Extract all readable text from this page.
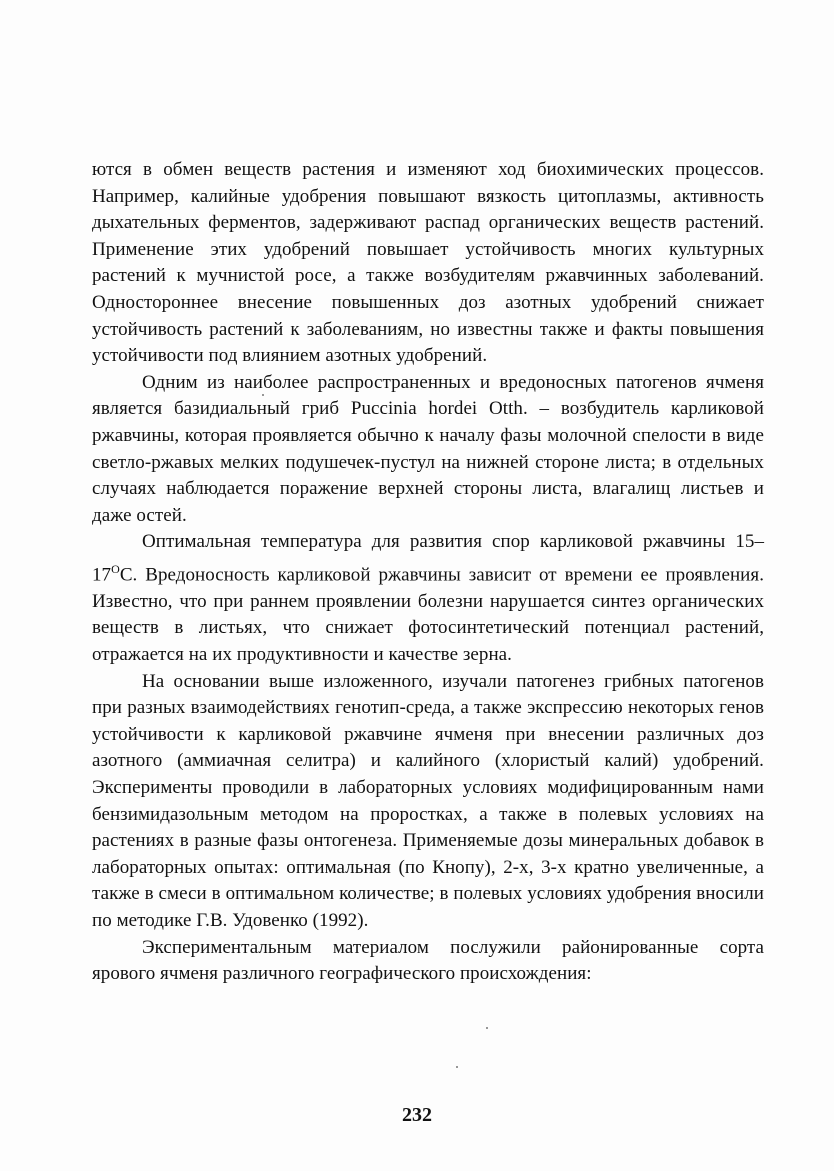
ются в обмен веществ растения и изменяют ход биохимических процессов. Например, калийные удобрения повышают вязкость цитоплазмы, активность дыхательных ферментов, задерживают распад органических веществ растений. Применение этих удобрений повышает устойчивость многих культурных растений к мучнистой росе, а также возбудителям ржавчинных заболеваний. Одностороннее внесение повышенных доз азотных удобрений снижает устойчивость растений к заболеваниям, но известны также и факты повышения устойчивости под влиянием азотных удобрений.

Одним из наиболее распространенных и вредоносных патогенов ячменя является базидиальный гриб Puccinia hordei Otth. – возбудитель карликовой ржавчины, которая проявляется обычно к началу фазы молочной спелости в виде светло-ржавых мелких подушечек-пустул на нижней стороне листа; в отдельных случаях наблюдается поражение верхней стороны листа, влагалищ листьев и даже остей.

Оптимальная температура для развития спор карликовой ржавчины $15-17^ОС$. Вредоносность карликовой ржавчины зависит от времени ее проявления. Известно, что при раннем проявлении болезни нарушается синтез органических веществ в листьях, что снижает фотосинтетический потенциал растений, отражается на их продуктивности и качестве зерна.

На основании выше изложенного, изучали патогенез грибных патогенов при разных взаимодействиях генотип-среда, а также экспрессию некоторых генов устойчивости к карликовой ржавчине ячменя при внесении различных доз азотного (аммиачная селитра) и калийного (хлористый калий) удобрений. Эксперименты проводили в лабораторных условиях модифицированным нами бензимидазольным методом на проростках, а также в полевых условиях на растениях в разные фазы онтогенеза. Применяемые дозы минеральных добавок в лабораторных опытах: оптимальная (по Кнопу), 2-х, 3-х кратно увеличенные, а также в смеси в оптимальном количестве; в полевых условиях удобрения вносили по методике Г.В. Удовенко (1992).

Экспериментальным материалом послужили районированные сорта ярового ячменя различного географического происхождения:

232
